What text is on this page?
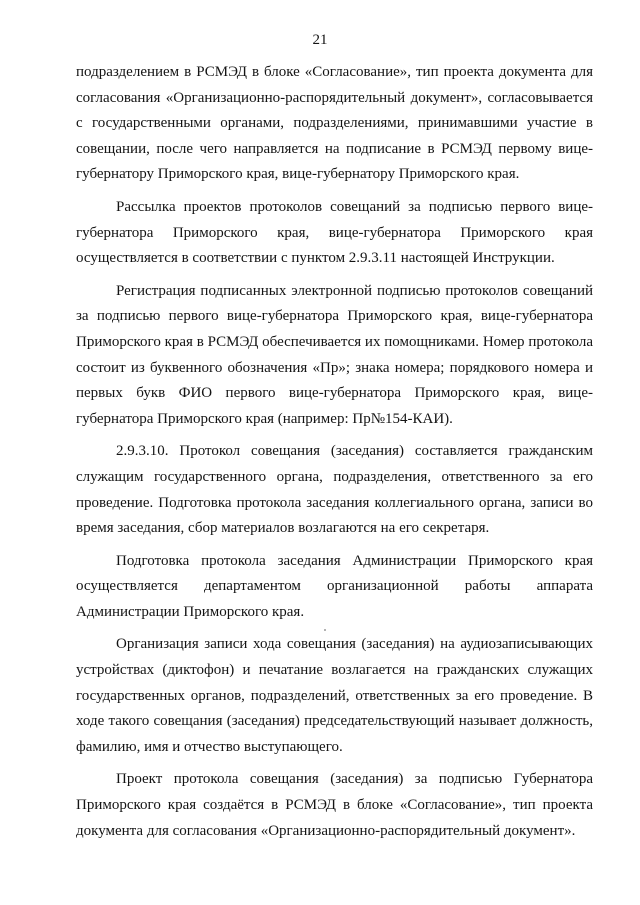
21

подразделением в РСМЭД в блоке «Согласование», тип проекта документа для согласования «Организационно-распорядительный документ», согласовывается с государственными органами, подразделениями, принимавшими участие в совещании, после чего направляется на подписание в РСМЭД первому вице-губернатору Приморского края, вице-губернатору Приморского края.

Рассылка проектов протоколов совещаний за подписью первого вице-губернатора Приморского края, вице-губернатора Приморского края осуществляется в соответствии с пунктом 2.9.3.11 настоящей Инструкции.

Регистрация подписанных электронной подписью протоколов совещаний за подписью первого вице-губернатора Приморского края, вице-губернатора Приморского края в РСМЭД обеспечивается их помощниками. Номер протокола состоит из буквенного обозначения «Пр»; знака номера; порядкового номера и первых букв ФИО первого вице-губернатора Приморского края, вице-губернатора Приморского края (например: Пр№154-КАИ).

2.9.3.10. Протокол совещания (заседания) составляется гражданским служащим государственного органа, подразделения, ответственного за его проведение. Подготовка протокола заседания коллегиального органа, записи во время заседания, сбор материалов возлагаются на его секретаря.

Подготовка протокола заседания Администрации Приморского края осуществляется департаментом организационной работы аппарата Администрации Приморского края.

Организация записи хода совещания (заседания) на аудиозаписывающих устройствах (диктофон) и печатание возлагается на гражданских служащих государственных органов, подразделений, ответственных за его проведение. В ходе такого совещания (заседания) председательствующий называет должность, фамилию, имя и отчество выступающего.

Проект протокола совещания (заседания) за подписью Губернатора Приморского края создаётся в РСМЭД в блоке «Согласование», тип проекта документа для согласования «Организационно-распорядительный документ».
